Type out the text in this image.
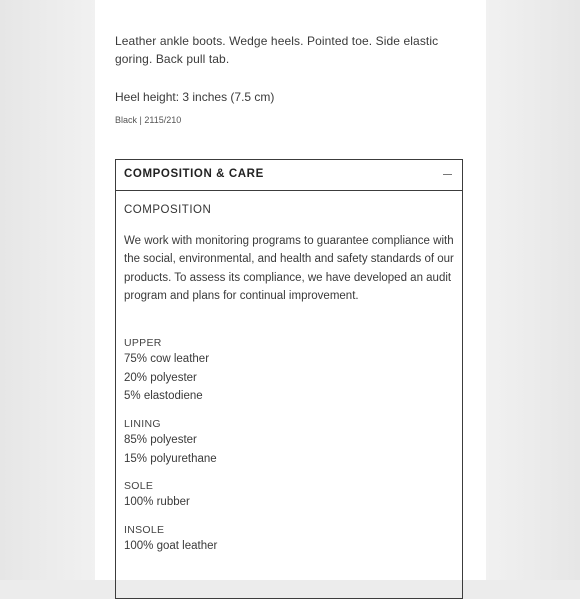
Leather ankle boots. Wedge heels. Pointed toe. Side elastic goring. Back pull tab.
Heel height: 3 inches (7.5 cm)
Black | 2115/210
COMPOSITION & CARE
COMPOSITION
We work with monitoring programs to guarantee compliance with the social, environmental, and health and safety standards of our products. To assess its compliance, we have developed an audit program and plans for continual improvement.
UPPER
75% cow leather
20% polyester
5% elastodiene
LINING
85% polyester
15% polyurethane
SOLE
100% rubber
INSOLE
100% goat leather
